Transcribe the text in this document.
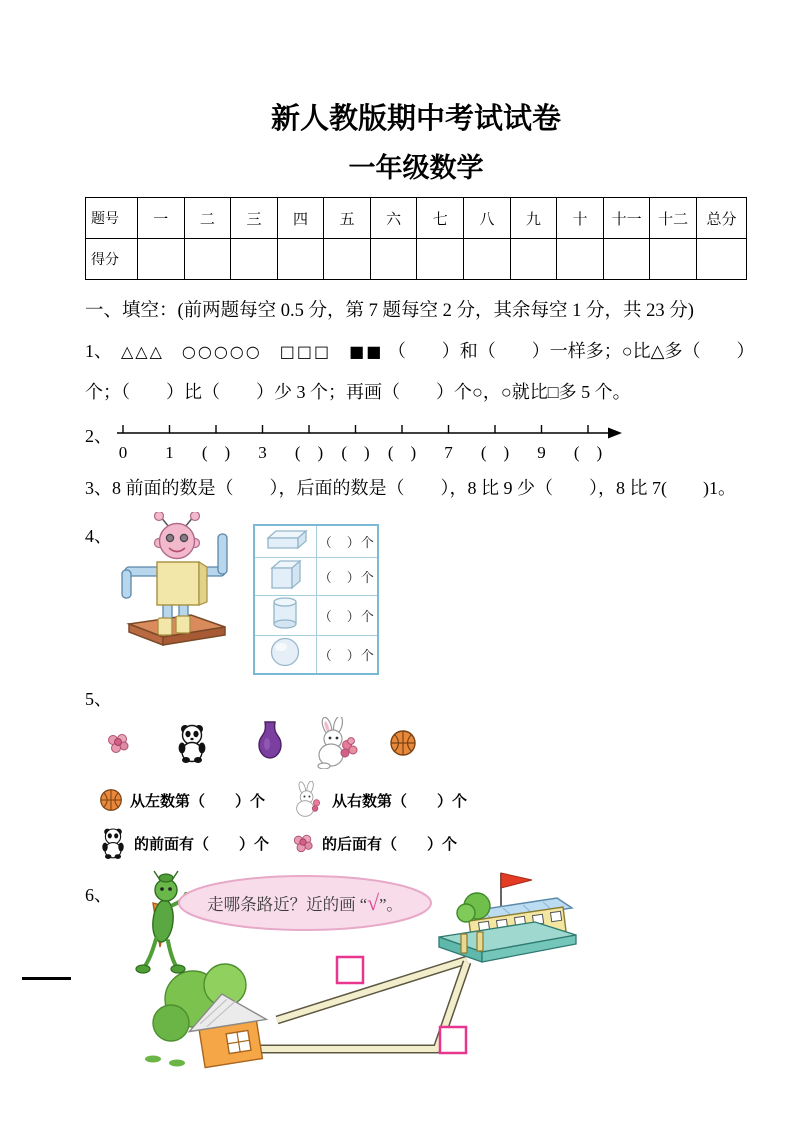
新人教版期中考试试卷
一年级数学
题号	一	二	三	四	五	六	七	八	九	十	十一	十二	总分
得分													
一、填空：(前两题每空 0.5 分，第 7 题每空 2 分，其余每空 1 分，共 23 分)

1、　 △△△　○○○○○　□□□　■■ （　　）和（　　）一样多；○比△多（　　）个；（　　）比（　　）少 3 个；再画（　　）个○，○就比□多 5 个。

2、
0 1 (　) 3 (　) (　) (　) 7 (　) 9 (　)

3、8 前面的数是（　　），后面的数是（　　），8 比 9 少（　　），8 比 7(　　)1。

4、
		（　）个
	（　）个
	（　）个
	（　）个
5、
从左数第（　　）个	从右数第（　　）个
的前面有（　　）个	的后面有（　　）个
6、	走哪条路近？近的画 “√”。
